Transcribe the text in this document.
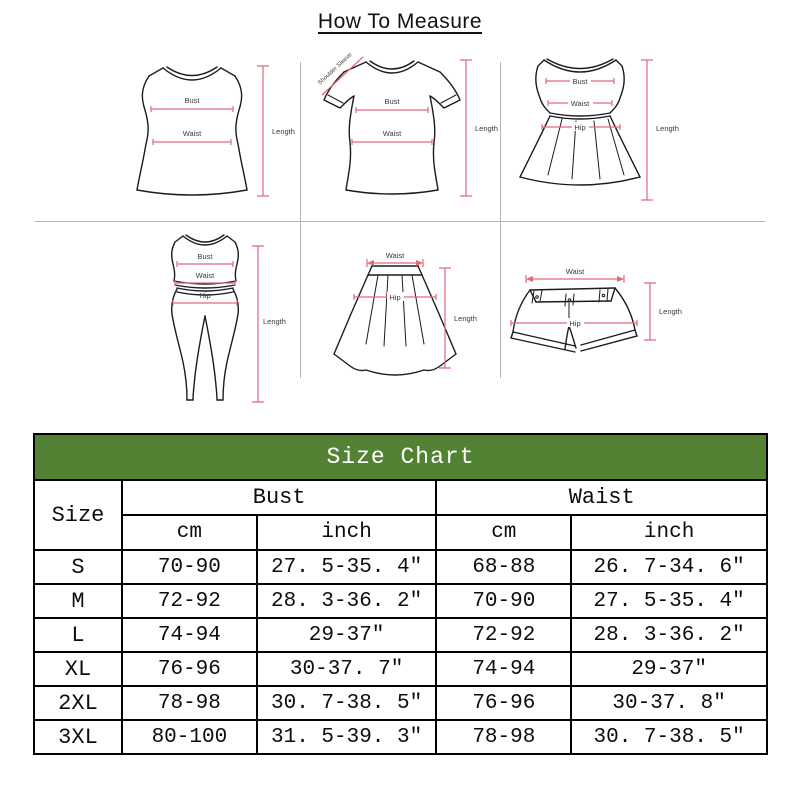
How To Measure
Bust
Waist	Length
Shoulder Sleeve
Bust
Waist
Length
Bust
Waist
Hip	Length
Bust
Waist
Hip
Length
Waist
Hip
Length
Waist
Hip
Length
Size Chart				
Size	Bust		Waist	
	cm	inch	cm	inch
S	70-90	27. 5-35. 4″	68-88	26. 7-34. 6″
M	72-92	28. 3-36. 2″	70-90	27. 5-35. 4″
L	74-94	29-37″	72-92	28. 3-36. 2″
XL	76-96	30-37. 7″	74-94	29-37″
2XL	78-98	30. 7-38. 5″	76-96	30-37. 8″
3XL	80-100	31. 5-39. 3″	78-98	30. 7-38. 5″
